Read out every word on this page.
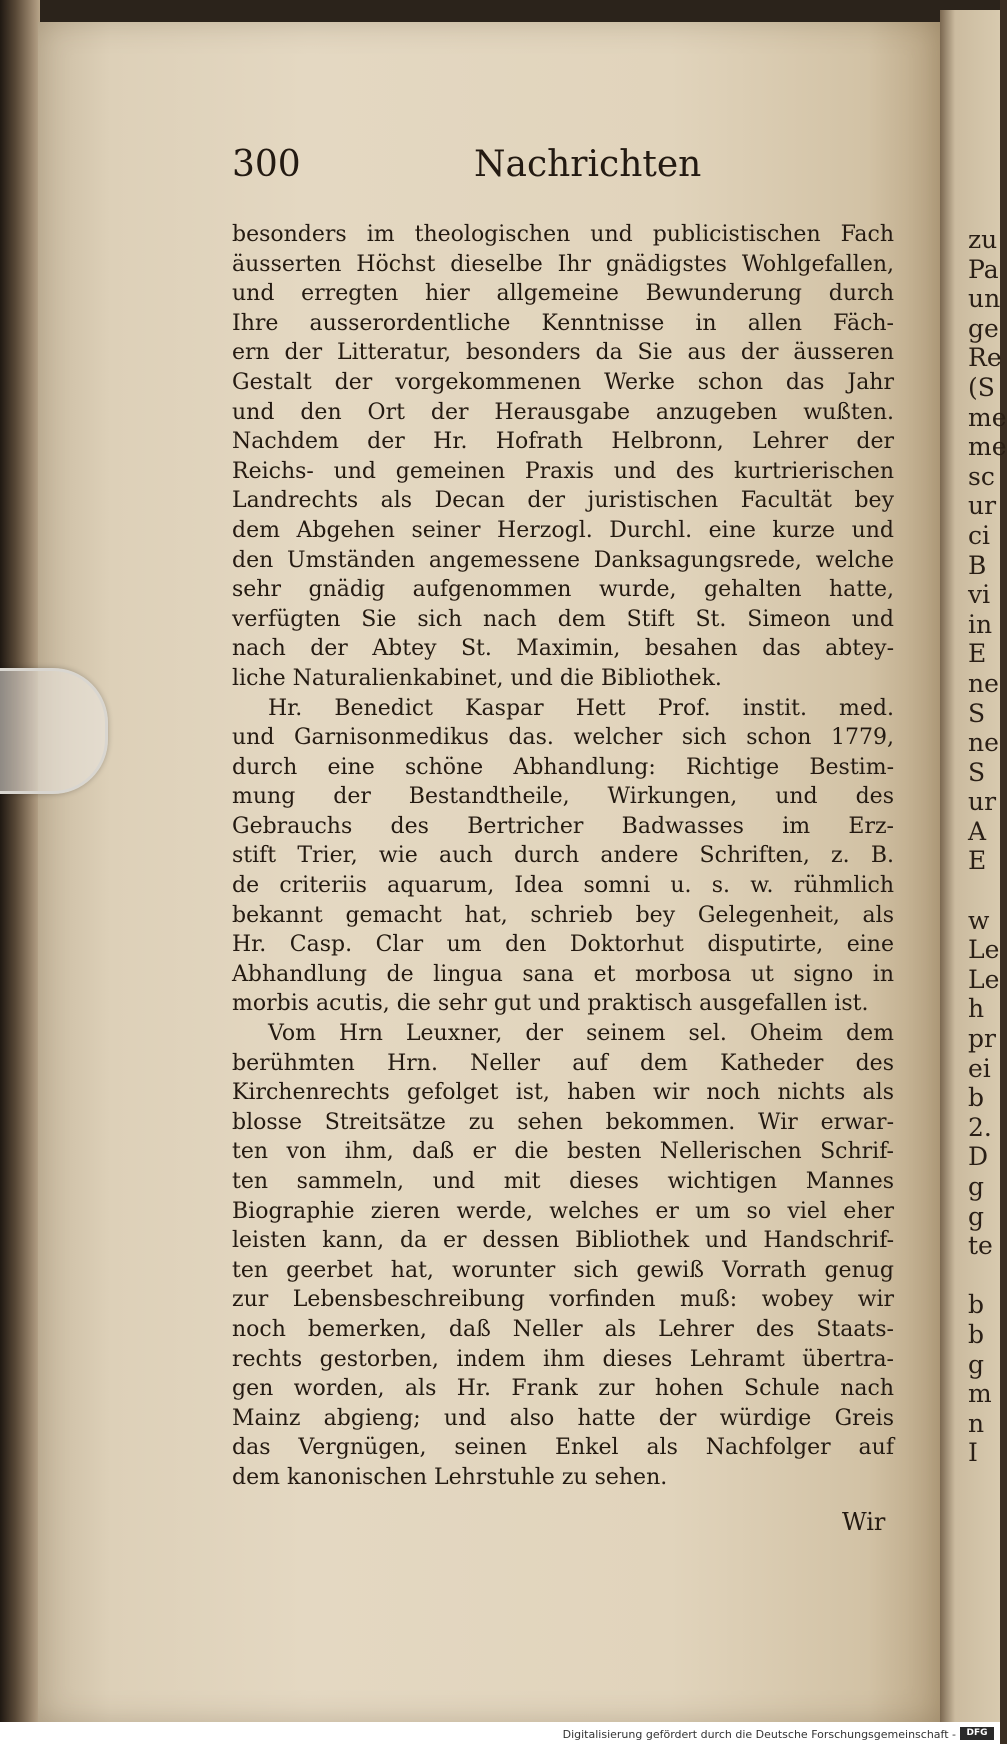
zu
Pa
un
ge
Re
(S
me
me
sc
ur
ci
B
vi
in
E
ne
S
ne
S
ur
A
E
w
Le
Le
h
pr
ei
b
2.
D
g
g
te
b
b
g
m
n
I
300	Nachrichten
besonders im theologischen und publicistischen Fach
äusserten Höchst dieselbe Ihr gnädigstes Wohlgefallen,
und erregten hier allgemeine Bewunderung durch
Ihre ausserordentliche Kenntnisse in allen Fäch-
ern der Litteratur, besonders da Sie aus der äusseren
Gestalt der vorgekommenen Werke schon das Jahr
und den Ort der Herausgabe anzugeben wußten.
Nachdem der Hr. Hofrath Helbronn, Lehrer der
Reichs- und gemeinen Praxis und des kurtrierischen
Landrechts als Decan der juristischen Facultät bey
dem Abgehen seiner Herzogl. Durchl. eine kurze und
den Umständen angemessene Danksagungsrede, welche
sehr gnädig aufgenommen wurde, gehalten hatte,
verfügten Sie sich nach dem Stift St. Simeon und
nach der Abtey St. Maximin, besahen das abtey-
liche Naturalienkabinet, und die Bibliothek.
Hr. Benedict Kaspar Hett Prof. instit. med.
und Garnisonmedikus das. welcher sich schon 1779,
durch eine schöne Abhandlung: Richtige Bestim-
mung der Bestandtheile, Wirkungen, und des
Gebrauchs des Bertricher Badwasses im Erz-
stift Trier, wie auch durch andere Schriften, z. B.
de criteriis aquarum, Idea somni u. s. w. rühmlich
bekannt gemacht hat, schrieb bey Gelegenheit, als
Hr. Casp. Clar um den Doktorhut disputirte, eine
Abhandlung de lingua sana et morbosa ut signo in
morbis acutis, die sehr gut und praktisch ausgefallen ist.
Vom Hrn Leuxner, der seinem sel. Oheim dem
berühmten Hrn. Neller auf dem Katheder des
Kirchenrechts gefolget ist, haben wir noch nichts als
blosse Streitsätze zu sehen bekommen. Wir erwar-
ten von ihm, daß er die besten Nellerischen Schrif-
ten sammeln, und mit dieses wichtigen Mannes
Biographie zieren werde, welches er um so viel eher
leisten kann, da er dessen Bibliothek und Handschrif-
ten geerbet hat, worunter sich gewiß Vorrath genug
zur Lebensbeschreibung vorfinden muß: wobey wir
noch bemerken, daß Neller als Lehrer des Staats-
rechts gestorben, indem ihm dieses Lehramt übertra-
gen worden, als Hr. Frank zur hohen Schule nach
Mainz abgieng; und also hatte der würdige Greis
das Vergnügen, seinen Enkel als Nachfolger auf
dem kanonischen Lehrstuhle zu sehen.
Wir
Digitalisierung gefördert durch die Deutsche Forschungsgemeinschaft -	DFG
